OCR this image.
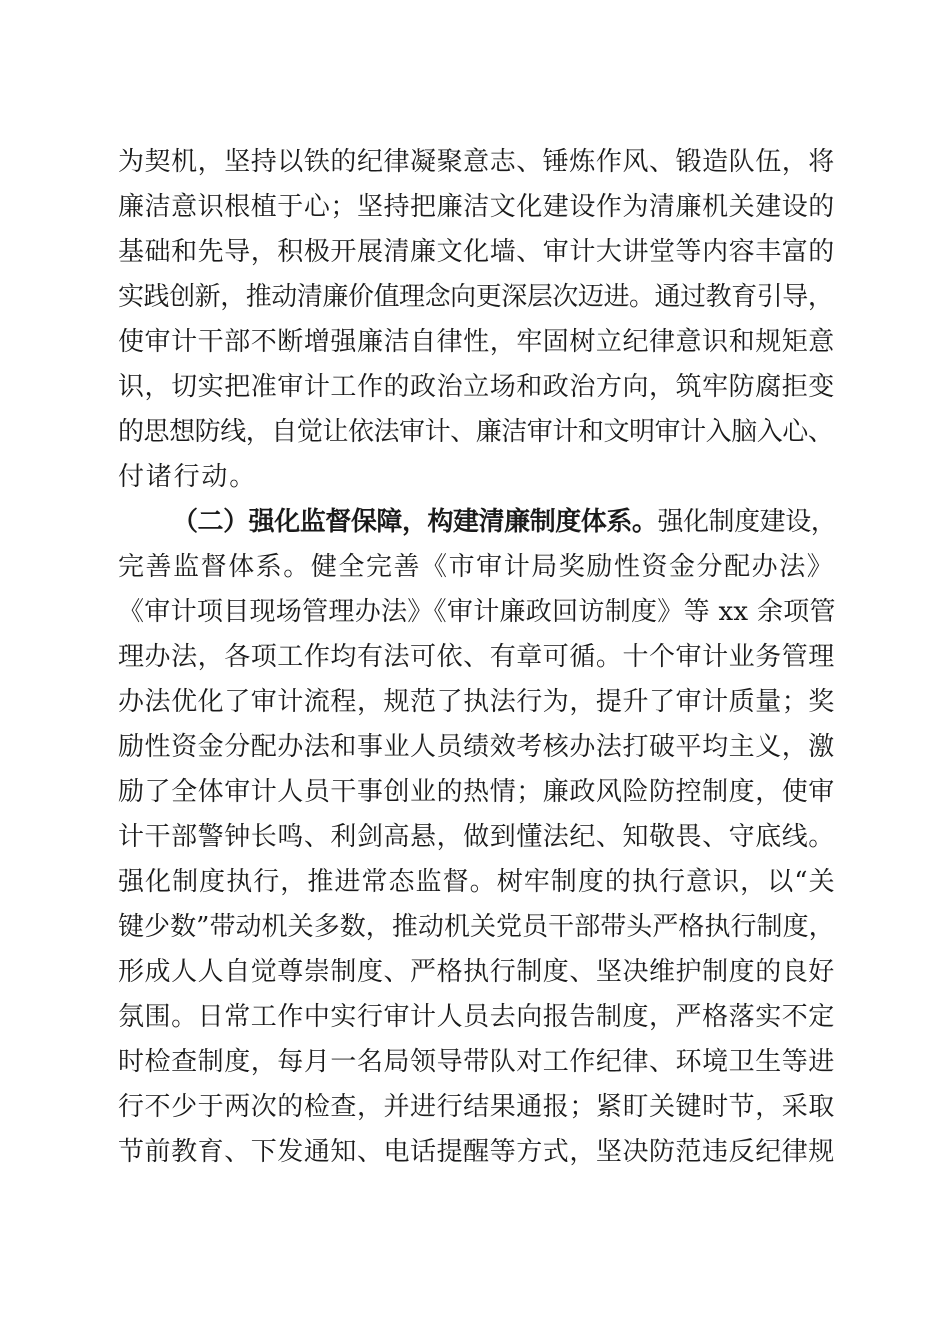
为契机，坚持以铁的纪律凝聚意志、锤炼作风、锻造队伍，将
廉洁意识根植于心；坚持把廉洁文化建设作为清廉机关建设的
基础和先导，积极开展清廉文化墙、审计大讲堂等内容丰富的
实践创新，推动清廉价值理念向更深层次迈进。通过教育引导，
使审计干部不断增强廉洁自律性，牢固树立纪律意识和规矩意
识，切实把准审计工作的政治立场和政治方向，筑牢防腐拒变
的思想防线，自觉让依法审计、廉洁审计和文明审计入脑入心、
付诸行动。
（二）强化监督保障，构建清廉制度体系。强化制度建设，
完善监督体系。健全完善《市审计局奖励性资金分配办法》
《审计项目现场管理办法》《审计廉政回访制度》等 xx 余项管
理办法，各项工作均有法可依、有章可循。十个审计业务管理
办法优化了审计流程，规范了执法行为，提升了审计质量；奖
励性资金分配办法和事业人员绩效考核办法打破平均主义，激
励了全体审计人员干事创业的热情；廉政风险防控制度，使审
计干部警钟长鸣、利剑高悬，做到懂法纪、知敬畏、守底线。
强化制度执行，推进常态监督。树牢制度的执行意识，以“关
键少数”带动机关多数，推动机关党员干部带头严格执行制度，
形成人人自觉尊崇制度、严格执行制度、坚决维护制度的良好
氛围。日常工作中实行审计人员去向报告制度，严格落实不定
时检查制度，每月一名局领导带队对工作纪律、环境卫生等进
行不少于两次的检查，并进行结果通报；紧盯关键时节，采取
节前教育、下发通知、电话提醒等方式，坚决防范违反纪律规
